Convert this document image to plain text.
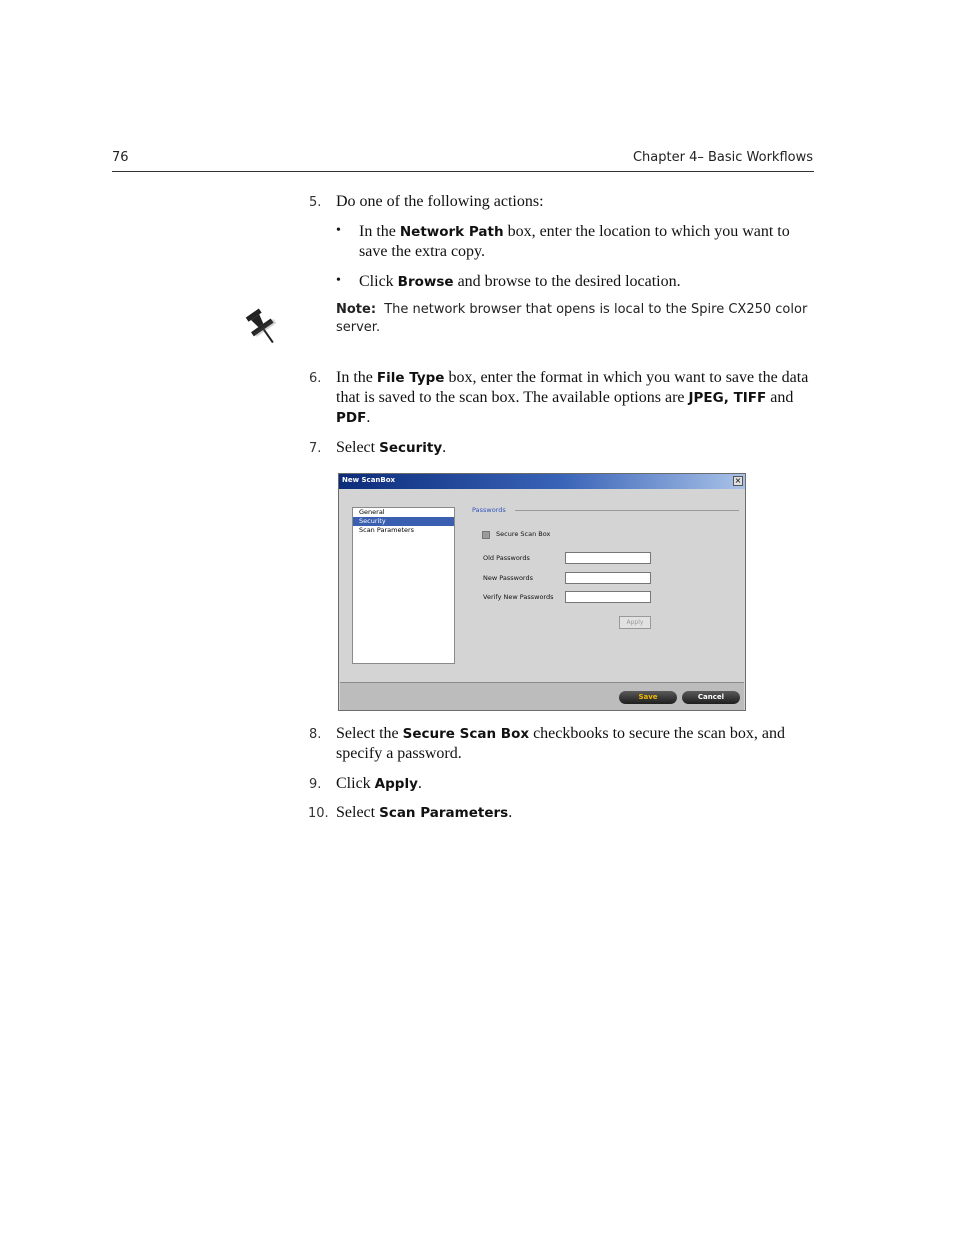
76	Chapter 4– Basic Workflows
5. Do one of the following actions:
• In the Network Path box, enter the location to which you want to save the extra copy.
• Click Browse and browse to the desired location.
Note: The network browser that opens is local to the Spire CX250 color server.
6. In the File Type box, enter the format in which you want to save the data that is saved to the scan box. The available options are JPEG, TIFF and PDF.
7. Select Security.
New ScanBox	×
General
Security
Scan Parameters
Passwords
Secure Scan Box
Old Passwords
New Passwords
Verify New Passwords
Apply
Save	Cancel
8. Select the Secure Scan Box checkbooks to secure the scan box, and specify a password.
9. Click Apply.
10. Select Scan Parameters.
